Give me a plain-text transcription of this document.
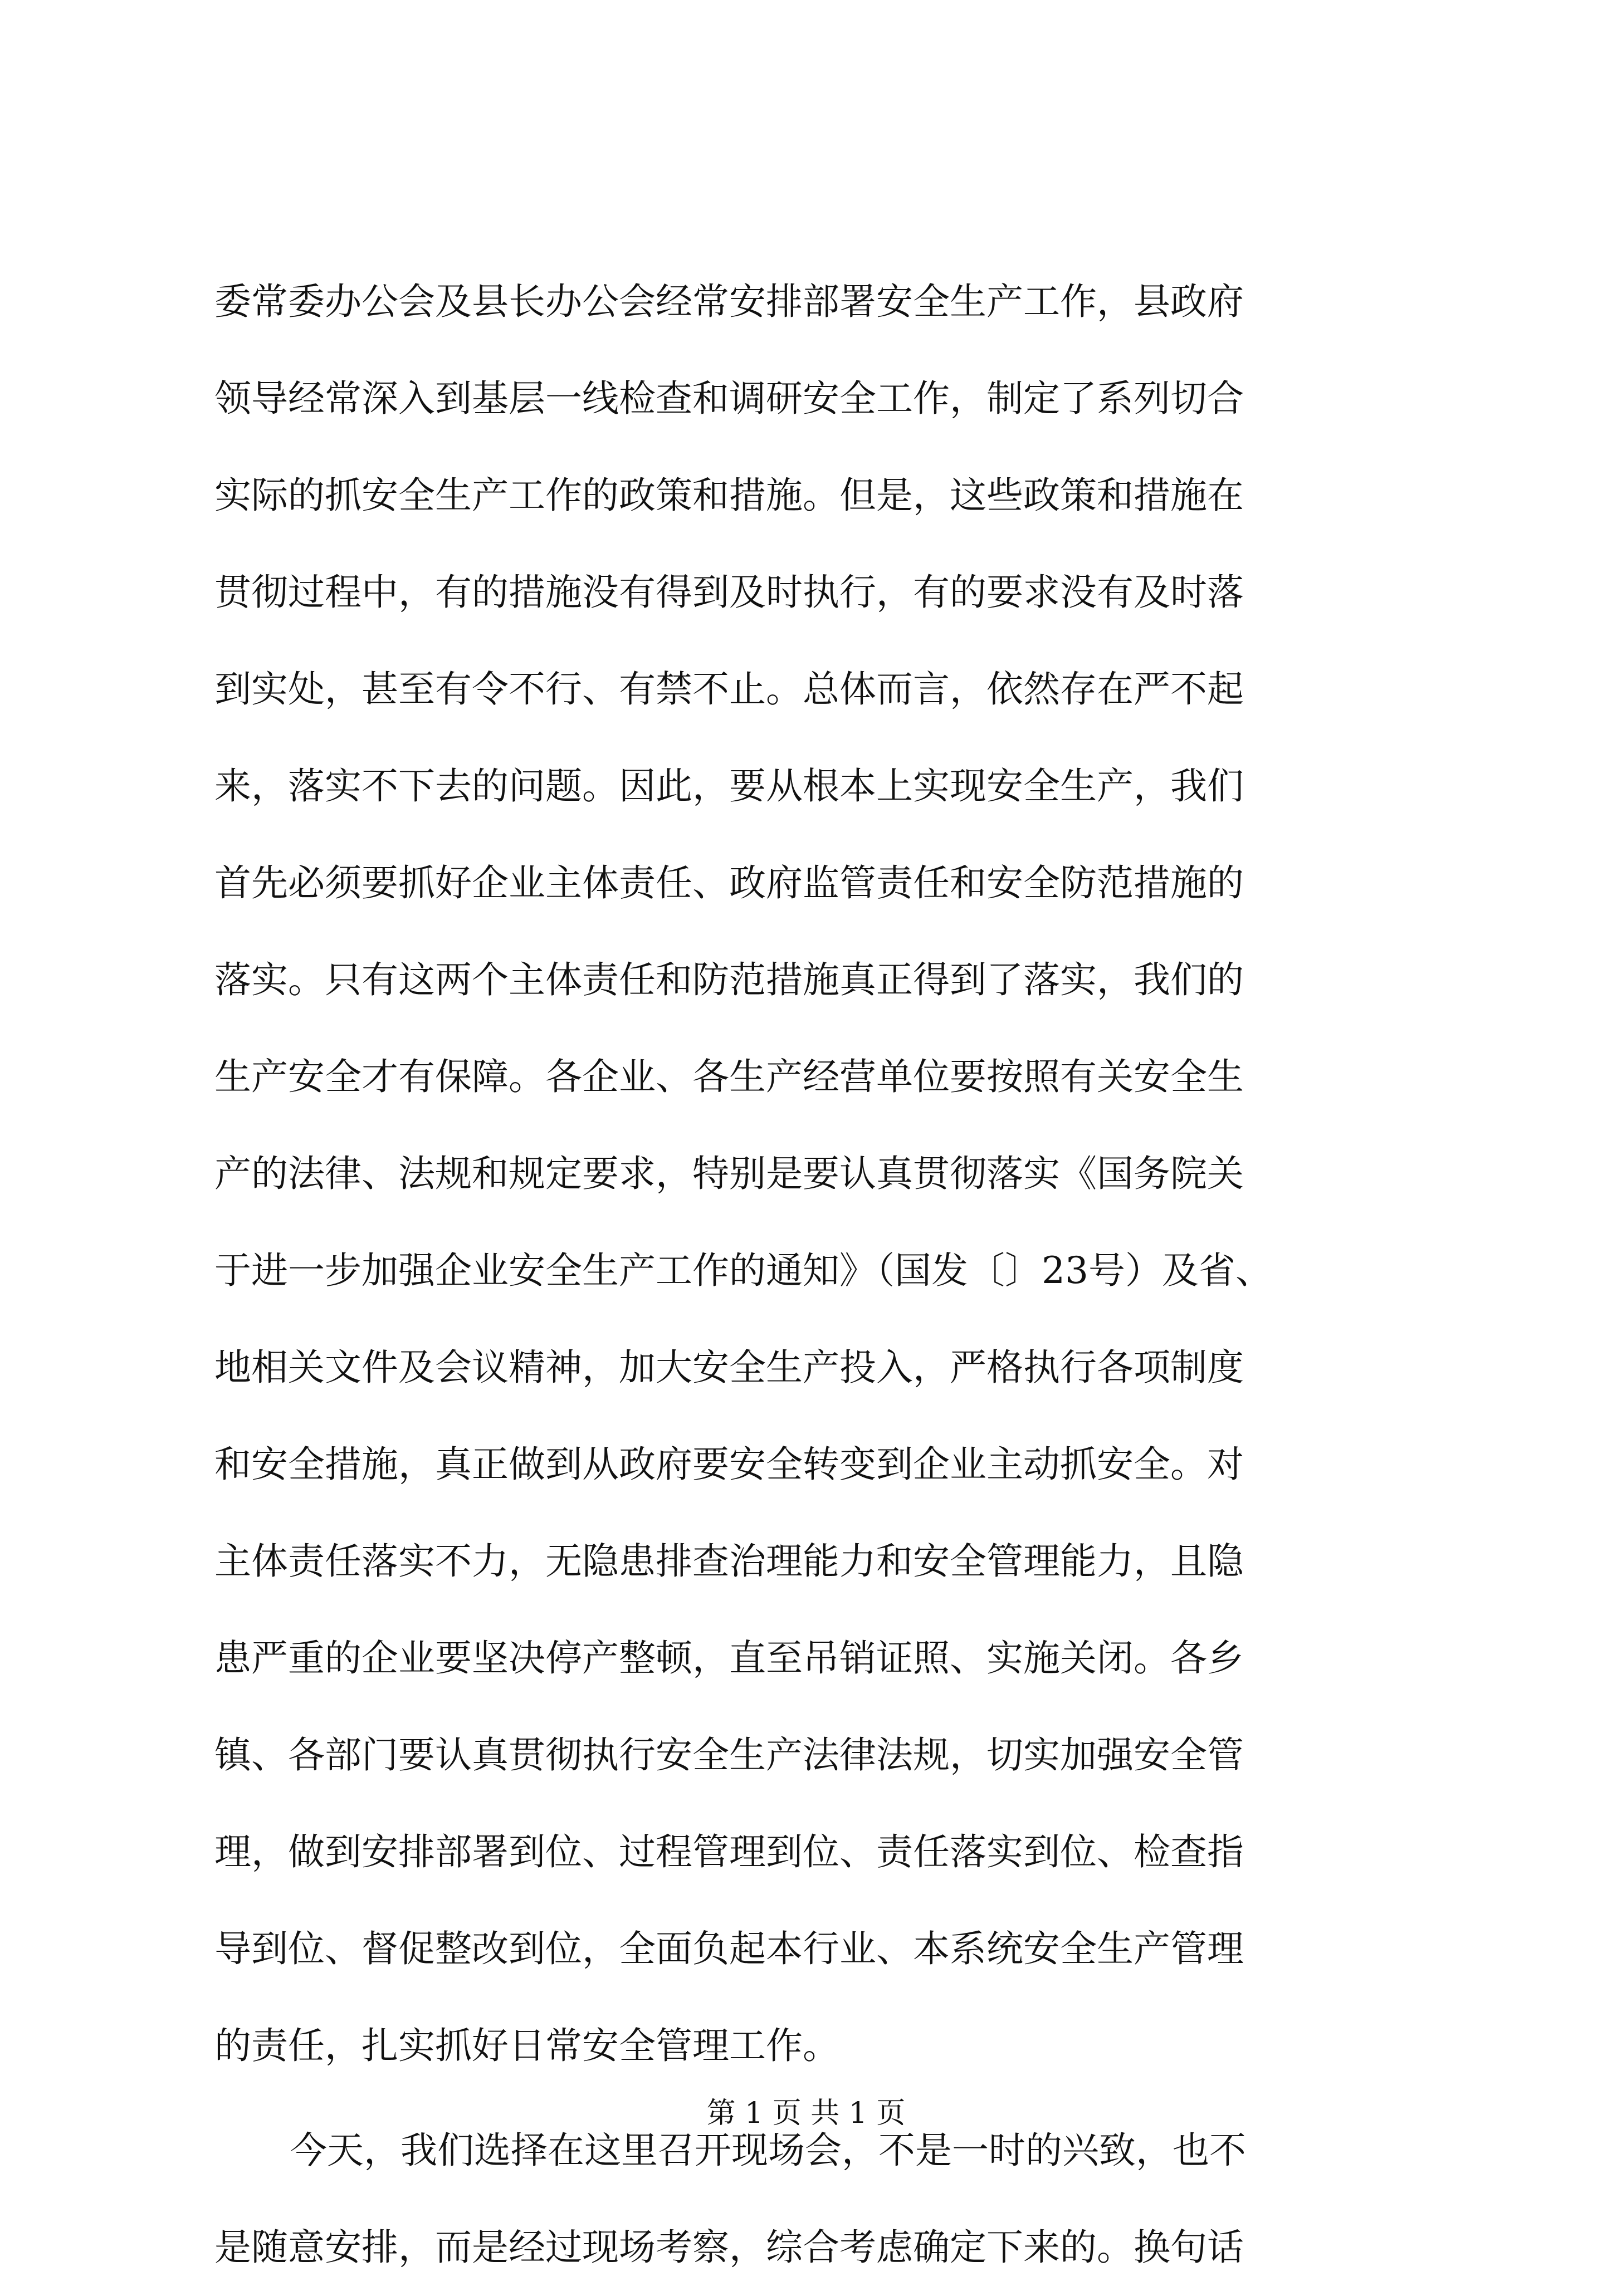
委常委办公会及县长办公会经常安排部署安全生产工作，县政府
领导经常深入到基层一线检查和调研安全工作，制定了系列切合
实际的抓安全生产工作的政策和措施。但是，这些政策和措施在
贯彻过程中，有的措施没有得到及时执行，有的要求没有及时落
到实处，甚至有令不行、有禁不止。总体而言，依然存在严不起
来，落实不下去的问题。因此，要从根本上实现安全生产，我们
首先必须要抓好企业主体责任、政府监管责任和安全防范措施的
落实。只有这两个主体责任和防范措施真正得到了落实，我们的
生产安全才有保障。各企业、各生产经营单位要按照有关安全生
产的法律、法规和规定要求，特别是要认真贯彻落实《国务院关
于进一步加强企业安全生产工作的通知》（国发〔〕23号）及省、
地相关文件及会议精神，加大安全生产投入，严格执行各项制度
和安全措施，真正做到从政府要安全转变到企业主动抓安全。对
主体责任落实不力，无隐患排查治理能力和安全管理能力，且隐
患严重的企业要坚决停产整顿，直至吊销证照、实施关闭。各乡
镇、各部门要认真贯彻执行安全生产法律法规，切实加强安全管
理，做到安排部署到位、过程管理到位、责任落实到位、检查指
导到位、督促整改到位，全面负起本行业、本系统安全生产管理
的责任，扎实抓好日常安全管理工作。
今天，我们选择在这里召开现场会，不是一时的兴致，也不
是随意安排，而是经过现场考察，综合考虑确定下来的。换句话
第 1 页 共 1 页
